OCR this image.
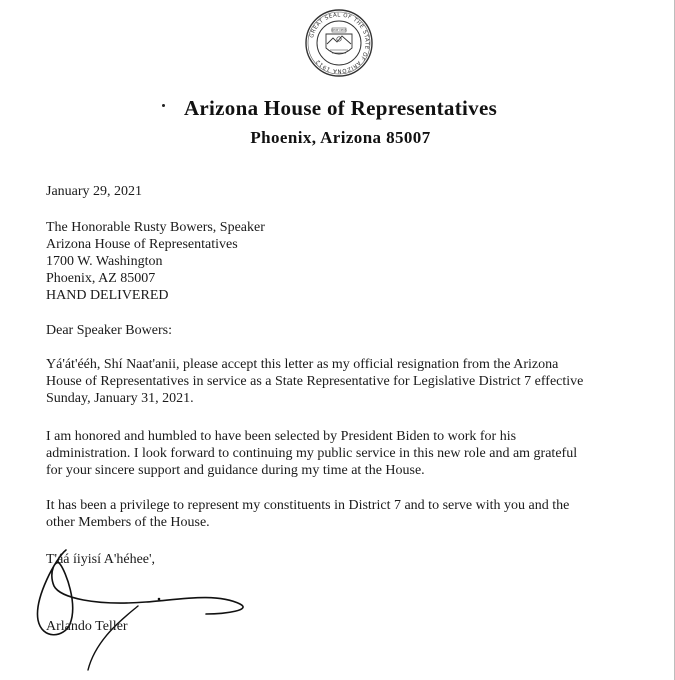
GREAT SEAL OF THE STATE OF ARIZONA 1912
DITAT DEUS
Arizona House of Representatives
Phoenix, Arizona 85007
January 29, 2021
The Honorable Rusty Bowers, Speaker
Arizona House of Representatives
1700 W. Washington
Phoenix, AZ 85007
HAND DELIVERED
Dear Speaker Bowers:
Yá'át'ééh, Shí Naat'anii, please accept this letter as my official resignation from the Arizona
House of Representatives in service as a State Representative for Legislative District 7 effective
Sunday, January 31, 2021.
I am honored and humbled to have been selected by President Biden to work for his
administration. I look forward to continuing my public service in this new role and am grateful
for your sincere support and guidance during my time at the House.
It has been a privilege to represent my constituents in District 7 and to serve with you and the
other Members of the House.
T'áá íiyisí A'héhee',
Arlando Teller
